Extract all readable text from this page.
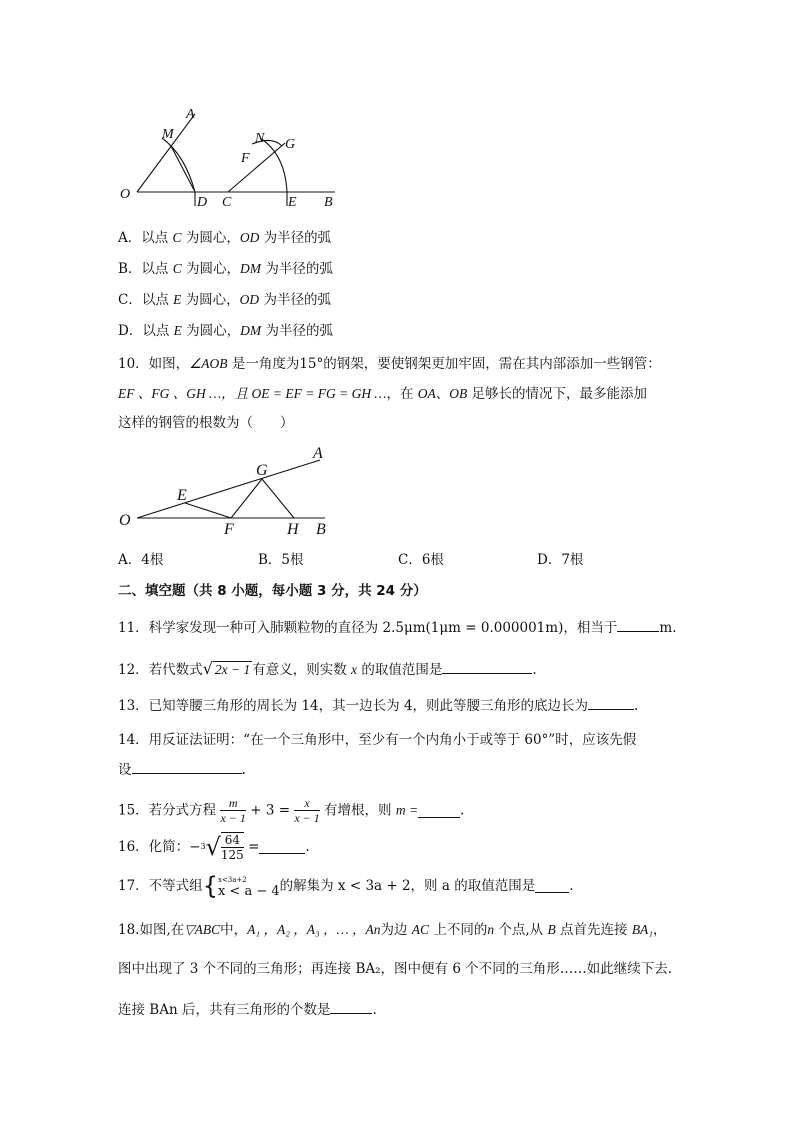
A
M
O
D C
N G
F
E B
A．以点 C 为圆心，OD 为半径的弧
B．以点 C 为圆心，DM 为半径的弧
C．以点 E 为圆心，OD 为半径的弧
D．以点 E 为圆心，DM 为半径的弧
10．如图，∠AOB 是一角度为15°的钢架，要使钢架更加牢固，需在其内部添加一些钢管：
EF 、FG 、GH …，且 OE = EF = FG = GH …，在 OA、OB 足够长的情况下，最多能添加
这样的钢管的根数为（　　）
O
E
G
A
F	H B
A．4根	B．5根	C．6根	D．7根
二、填空题（共 8 小题，每小题 3 分，共 24 分）
11．科学家发现一种可入肺颗粒物的直径为 2.5μm(1μm = 0.000001m)，相当于	m.
12．若代数式√ 2x − 1 有意义，则实数 x 的取值范围是	.
13．已知等腰三角形的周长为 14，其一边长为 4，则此等腰三角形的底边长为	.
14．用反证法证明：“在一个三角形中，至少有一个内角小于或等于 60°”时，应该先假
设	.
15．若分式方程 $\frac{m}{x - 1} + 3 = \frac{x}{x - 1}$ 有增根，则 m =	.
16．化简：$-3√ \frac{64}{125}$ =	.
17．不等式组{ x<3a+2
x < a − 4 的解集为 x < 3a + 2，则 a 的取值范围是	.
18.如图,在▽ABC中，A₁ ，A₂ ，A₃ ，… ，An为边 AC 上不同的n 个点,从 B 点首先连接 BA₁，
图中出现了 3 个不同的三角形；再连接 BA₂，图中便有 6 个不同的三角形……如此继续下去.
连接 BAn 后，共有三角形的个数是	.
